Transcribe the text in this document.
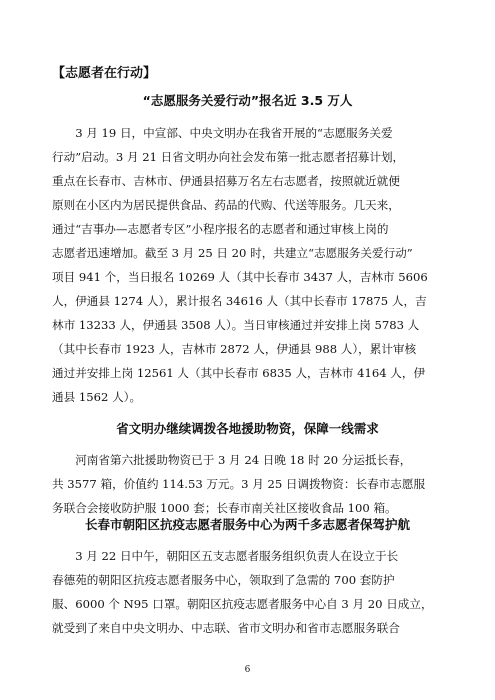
【志愿者在行动】
“志愿服务关爱行动”报名近 3.5 万人
　　3 月 19 日，中宣部、中央文明办在我省开展的“志愿服务关爱
行动”启动。3 月 21 日省文明办向社会发布第一批志愿者招募计划，
重点在长春市、吉林市、伊通县招募万名左右志愿者，按照就近就便
原则在小区内为居民提供食品、药品的代购、代送等服务。几天来，
通过“吉事办—志愿者专区”小程序报名的志愿者和通过审核上岗的
志愿者迅速增加。截至 3 月 25 日 20 时，共建立“志愿服务关爱行动”
项目 941 个，当日报名 10269 人（其中长春市 3437 人，吉林市 5606
人，伊通县 1274 人），累计报名 34616 人（其中长春市 17875 人，吉
林市 13233 人，伊通县 3508 人）。当日审核通过并安排上岗 5783 人
（其中长春市 1923 人，吉林市 2872 人，伊通县 988 人），累计审核
通过并安排上岗 12561 人（其中长春市 6835 人，吉林市 4164 人，伊
通县 1562 人）。
省文明办继续调拨各地援助物资，保障一线需求
　　河南省第六批援助物资已于 3 月 24 日晚 18 时 20 分运抵长春，
共 3577 箱，价值约 114.53 万元。3 月 25 日调拨物资：长春市志愿服
务联合会接收防护服 1000 套；长春市南关社区接收食品 100 箱。
长春市朝阳区抗疫志愿者服务中心为两千多志愿者保驾护航
　　3 月 22 日中午，朝阳区五支志愿者服务组织负责人在设立于长
春德苑的朝阳区抗疫志愿者服务中心，领取到了急需的 700 套防护
服、6000 个 N95 口罩。朝阳区抗疫志愿者服务中心自 3 月 20 日成立，
就受到了来自中央文明办、中志联、省市文明办和省市志愿服务联合
6
